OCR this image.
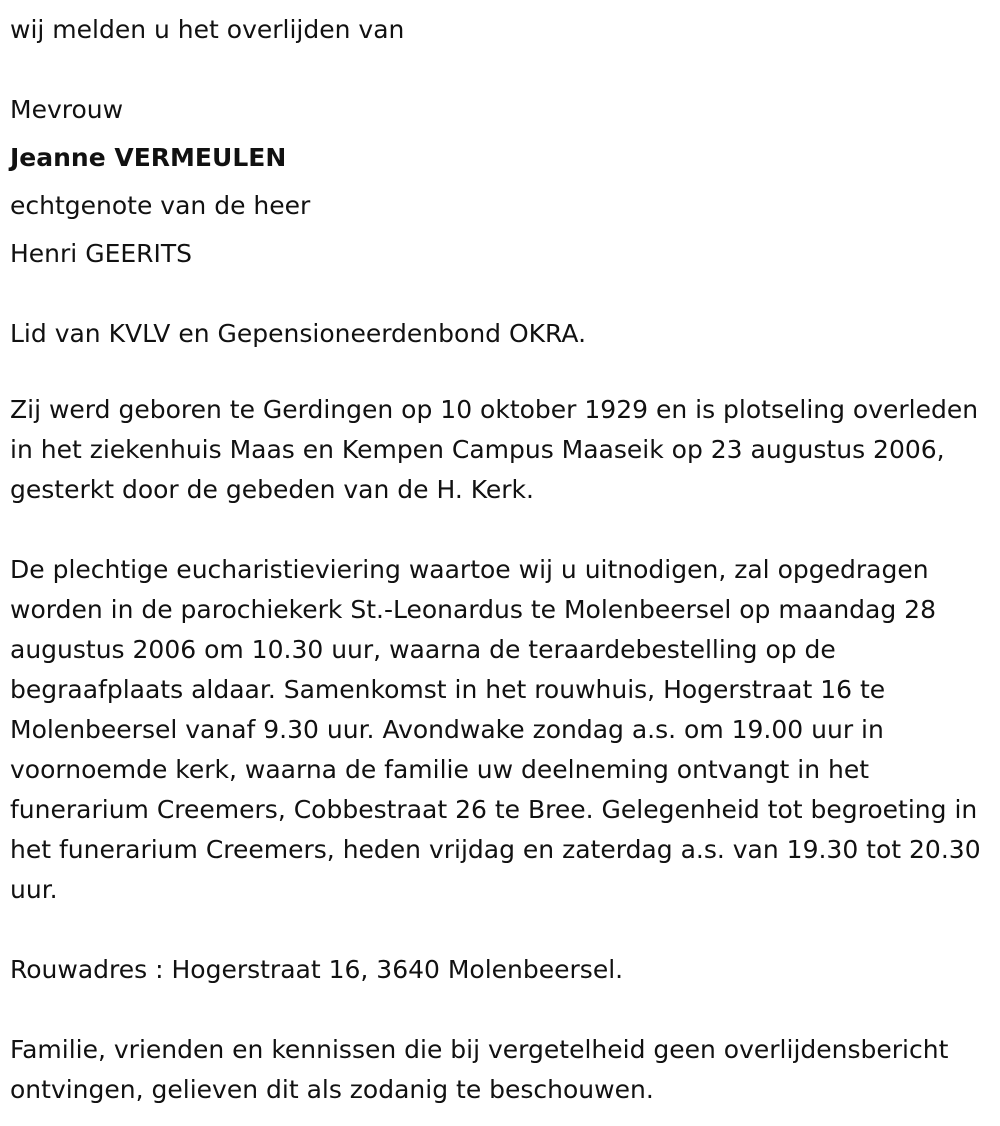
wij melden u het overlijden van

Mevrouw

Jeanne VERMEULEN

echtgenote van de heer

Henri GEERITS

Lid van KVLV en Gepensioneerdenbond OKRA.

Zij werd geboren te Gerdingen op 10 oktober 1929 en is plotseling overleden in het ziekenhuis Maas en Kempen Campus Maaseik op 23 augustus 2006, gesterkt door de gebeden van de H. Kerk.

De plechtige eucharistieviering waartoe wij u uitnodigen, zal opgedragen worden in de parochiekerk St.-Leonardus te Molenbeersel op maandag 28 augustus 2006 om 10.30 uur, waarna de teraardebestelling op de begraafplaats aldaar. Samenkomst in het rouwhuis, Hogerstraat 16 te Molenbeersel vanaf 9.30 uur. Avondwake zondag a.s. om 19.00 uur in voornoemde kerk, waarna de familie uw deelneming ontvangt in het funerarium Creemers, Cobbestraat 26 te Bree. Gelegenheid tot begroeting in het funerarium Creemers, heden vrijdag en zaterdag a.s. van 19.30 tot 20.30 uur.

Rouwadres : Hogerstraat 16, 3640 Molenbeersel.

Familie, vrienden en kennissen die bij vergetelheid geen overlijdensbericht ontvingen, gelieven dit als zodanig te beschouwen.
